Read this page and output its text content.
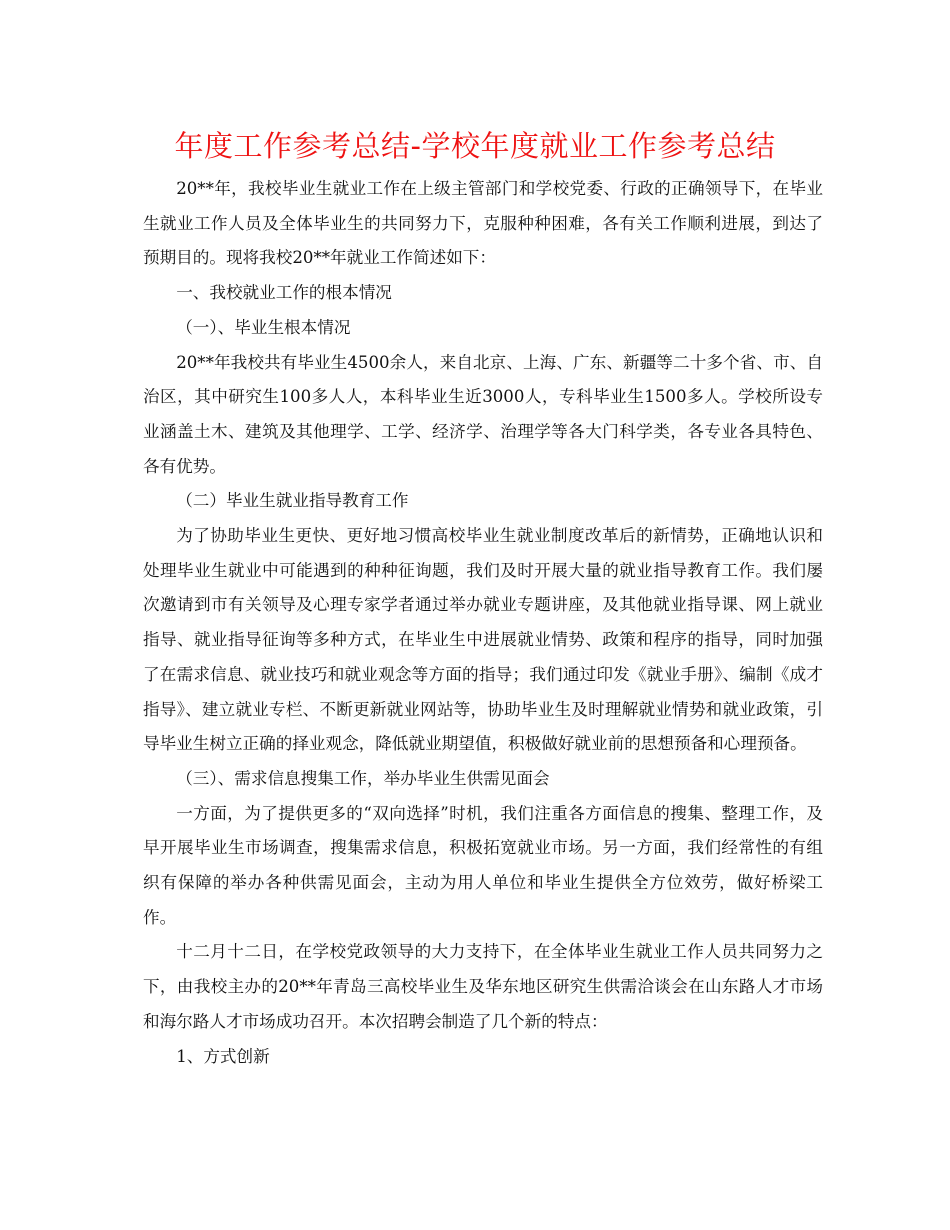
年度工作参考总结-学校年度就业工作参考总结

20**年，我校毕业生就业工作在上级主管部门和学校党委、行政的正确领导下，在毕业生就业工作人员及全体毕业生的共同努力下，克服种种困难，各有关工作顺利进展，到达了预期目的。现将我校20**年就业工作简述如下：

一、我校就业工作的根本情况

（一）、毕业生根本情况

20**年我校共有毕业生4500余人，来自北京、上海、广东、新疆等二十多个省、市、自治区，其中研究生100多人人，本科毕业生近3000人，专科毕业生1500多人。学校所设专业涵盖土木、建筑及其他理学、工学、经济学、治理学等各大门科学类，各专业各具特色、各有优势。

（二）毕业生就业指导教育工作

为了协助毕业生更快、更好地习惯高校毕业生就业制度改革后的新情势，正确地认识和处理毕业生就业中可能遇到的种种征询题，我们及时开展大量的就业指导教育工作。我们屡次邀请到市有关领导及心理专家学者通过举办就业专题讲座，及其他就业指导课、网上就业指导、就业指导征询等多种方式，在毕业生中进展就业情势、政策和程序的指导，同时加强了在需求信息、就业技巧和就业观念等方面的指导；我们通过印发《就业手册》、编制《成才指导》、建立就业专栏、不断更新就业网站等，协助毕业生及时理解就业情势和就业政策，引导毕业生树立正确的择业观念，降低就业期望值，积极做好就业前的思想预备和心理预备。

（三）、需求信息搜集工作，举办毕业生供需见面会

一方面，为了提供更多的“双向选择”时机，我们注重各方面信息的搜集、整理工作，及早开展毕业生市场调查，搜集需求信息，积极拓宽就业市场。另一方面，我们经常性的有组织有保障的举办各种供需见面会，主动为用人单位和毕业生提供全方位效劳，做好桥梁工作。

十二月十二日，在学校党政领导的大力支持下，在全体毕业生就业工作人员共同努力之下，由我校主办的20**年青岛三高校毕业生及华东地区研究生供需洽谈会在山东路人才市场和海尔路人才市场成功召开。本次招聘会制造了几个新的特点：

1、方式创新
